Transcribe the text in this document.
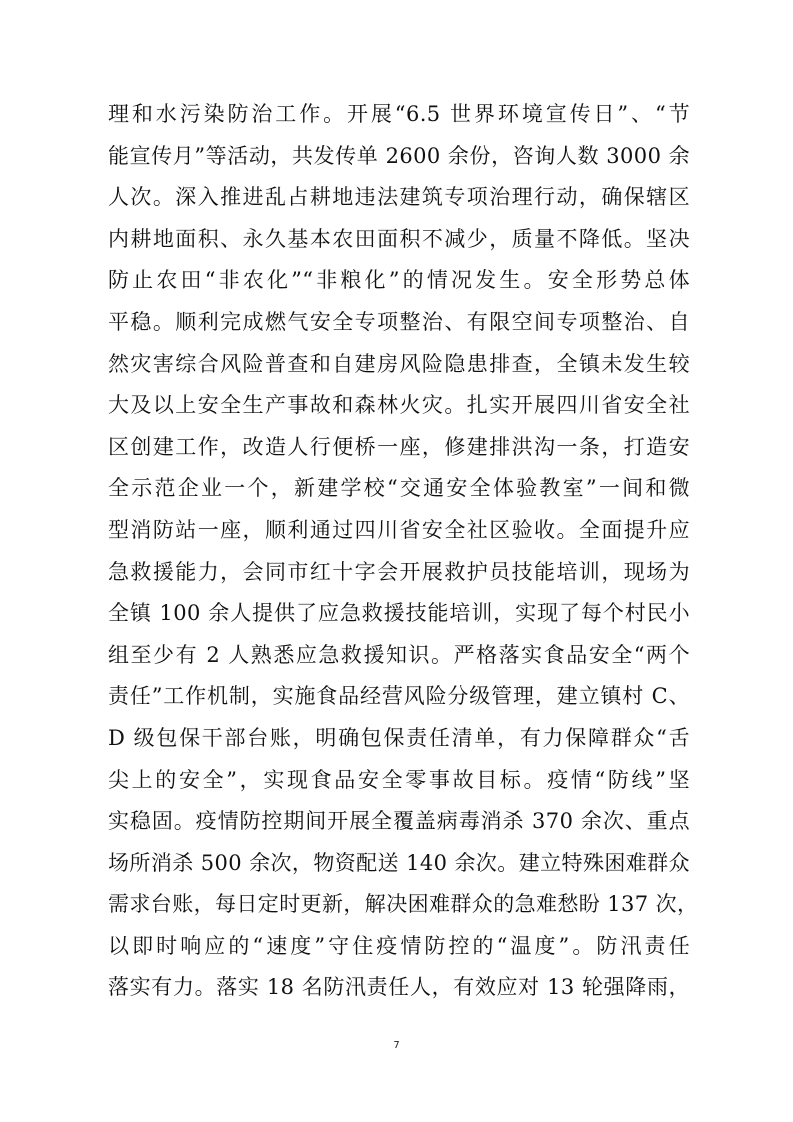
理和水污染防治工作。开展“6.5 世界环境宣传日”、“节
能宣传月”等活动，共发传单 2600 余份，咨询人数 3000 余
人次。深入推进乱占耕地违法建筑专项治理行动，确保辖区
内耕地面积、永久基本农田面积不减少，质量不降低。坚决
防止农田“非农化”“非粮化”的情况发生。安全形势总体
平稳。顺利完成燃气安全专项整治、有限空间专项整治、自
然灾害综合风险普查和自建房风险隐患排查，全镇未发生较
大及以上安全生产事故和森林火灾。扎实开展四川省安全社
区创建工作，改造人行便桥一座，修建排洪沟一条，打造安
全示范企业一个，新建学校“交通安全体验教室”一间和微
型消防站一座，顺利通过四川省安全社区验收。全面提升应
急救援能力，会同市红十字会开展救护员技能培训，现场为
全镇 100 余人提供了应急救援技能培训，实现了每个村民小
组至少有 2 人熟悉应急救援知识。严格落实食品安全“两个
责任”工作机制，实施食品经营风险分级管理，建立镇村 C、
D 级包保干部台账，明确包保责任清单，有力保障群众“舌
尖上的安全”，实现食品安全零事故目标。疫情“防线”坚
实稳固。疫情防控期间开展全覆盖病毒消杀 370 余次、重点
场所消杀 500 余次，物资配送 140 余次。建立特殊困难群众
需求台账，每日定时更新，解决困难群众的急难愁盼 137 次，
以即时响应的“速度”守住疫情防控的“温度”。防汛责任
落实有力。落实 18 名防汛责任人，有效应对 13 轮强降雨，
7
